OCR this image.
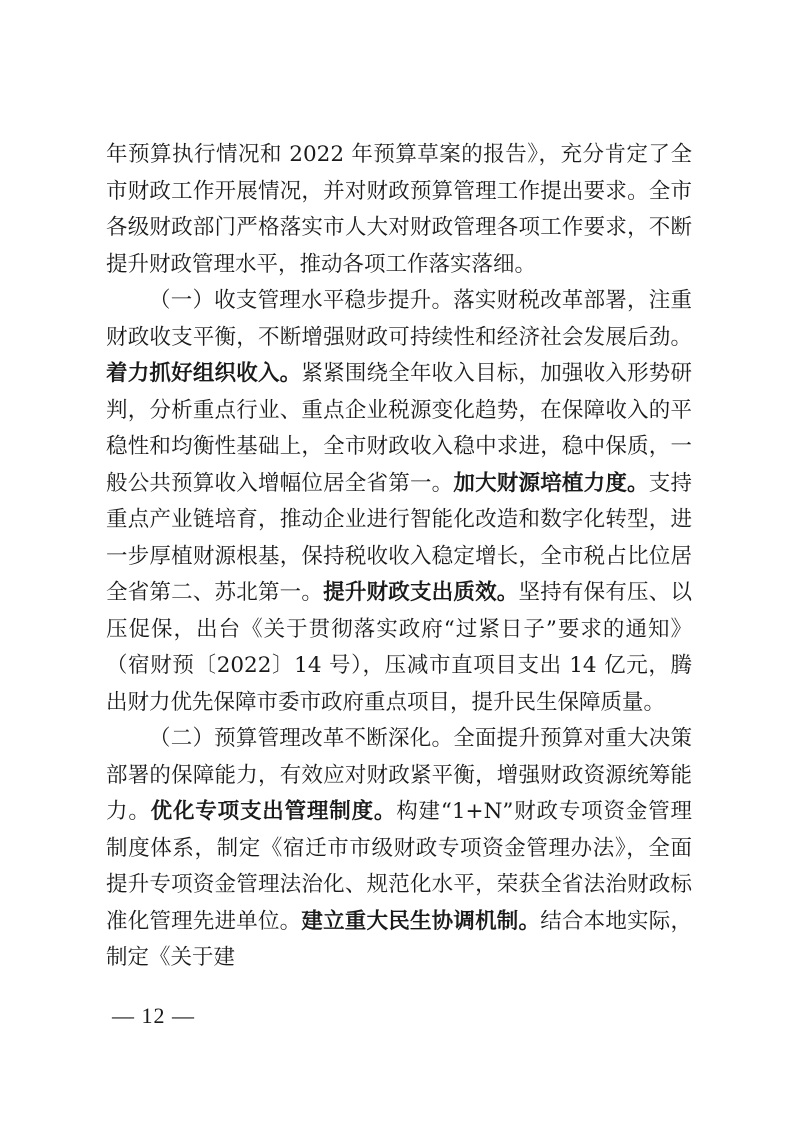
年预算执行情况和 2022 年预算草案的报告》，充分肯定了全市财政工作开展情况，并对财政预算管理工作提出要求。全市各级财政部门严格落实市人大对财政管理各项工作要求，不断提升财政管理水平，推动各项工作落实落细。

（一）收支管理水平稳步提升。落实财税改革部署，注重财政收支平衡，不断增强财政可持续性和经济社会发展后劲。着力抓好组织收入。紧紧围绕全年收入目标，加强收入形势研判，分析重点行业、重点企业税源变化趋势，在保障收入的平稳性和均衡性基础上，全市财政收入稳中求进，稳中保质，一般公共预算收入增幅位居全省第一。加大财源培植力度。支持重点产业链培育，推动企业进行智能化改造和数字化转型，进一步厚植财源根基，保持税收收入稳定增长，全市税占比位居全省第二、苏北第一。提升财政支出质效。坚持有保有压、以压促保，出台《关于贯彻落实政府“过紧日子”要求的通知》（宿财预〔2022〕14 号），压减市直项目支出 14 亿元，腾出财力优先保障市委市政府重点项目，提升民生保障质量。

（二）预算管理改革不断深化。全面提升预算对重大决策部署的保障能力，有效应对财政紧平衡，增强财政资源统筹能力。优化专项支出管理制度。构建“1+N”财政专项资金管理制度体系，制定《宿迁市市级财政专项资金管理办法》，全面提升专项资金管理法治化、规范化水平，荣获全省法治财政标准化管理先进单位。建立重大民生协调机制。结合本地实际，制定《关于建

— 12 —
